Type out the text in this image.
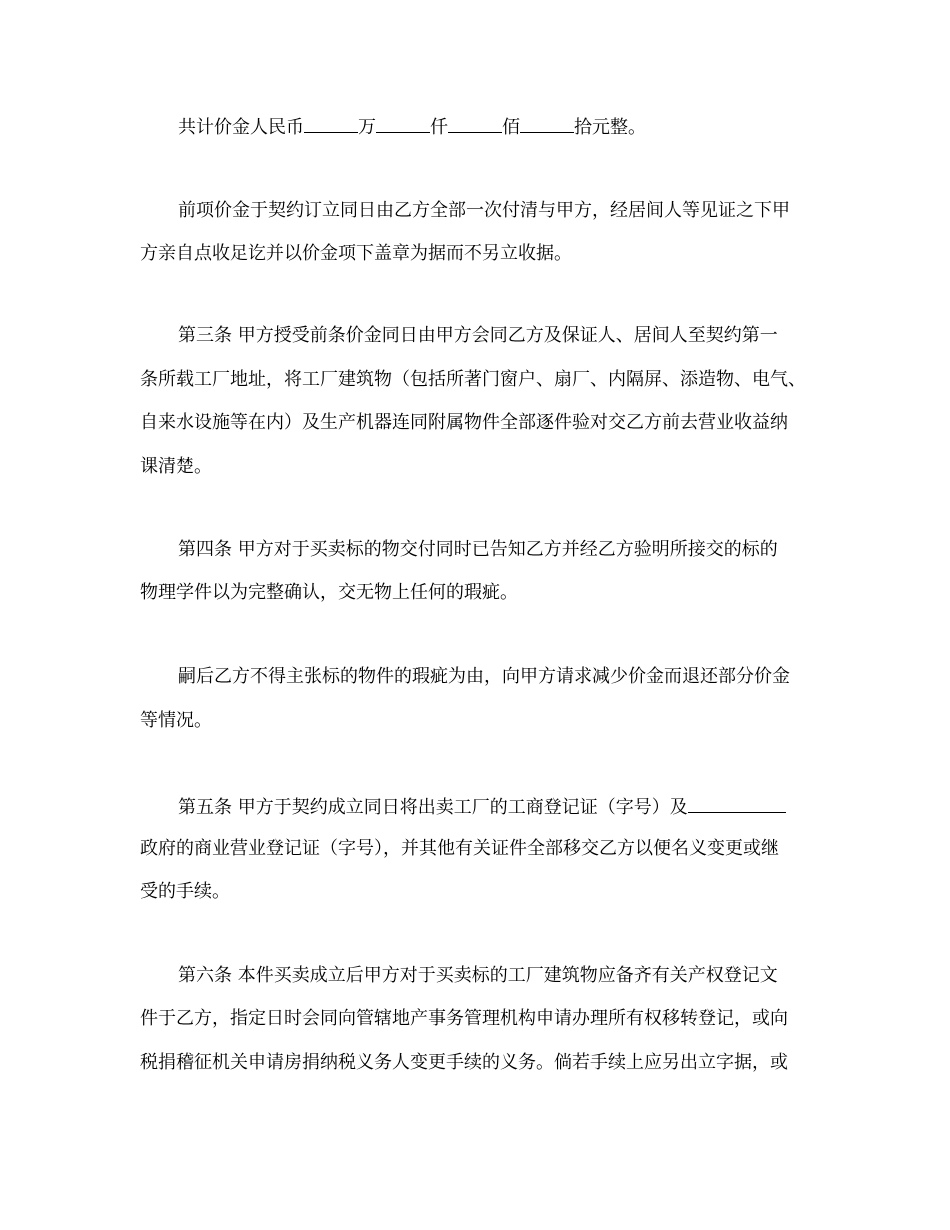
共计价金人民币	万	仟	佰	拾元整。
前项价金于契约订立同日由乙方全部一次付清与甲方，经居间人等见证之下甲
方亲自点收足讫并以价金项下盖章为据而不另立收据。
第三条 甲方授受前条价金同日由甲方会同乙方及保证人、居间人至契约第一
条所载工厂地址，将工厂建筑物（包括所著门窗户、扇厂、内隔屏、添造物、电气、
自来水设施等在内）及生产机器连同附属物件全部逐件验对交乙方前去营业收益纳
课清楚。
第四条 甲方对于买卖标的物交付同时已告知乙方并经乙方验明所接交的标的
物理学件以为完整确认，交无物上任何的瑕疵。
嗣后乙方不得主张标的物件的瑕疵为由，向甲方请求减少价金而退还部分价金
等情况。
第五条 甲方于契约成立同日将出卖工厂的工商登记证（字号）及
政府的商业营业登记证（字号），并其他有关证件全部移交乙方以便名义变更或继
受的手续。
第六条 本件买卖成立后甲方对于买卖标的工厂建筑物应备齐有关产权登记文
件于乙方，指定日时会同向管辖地产事务管理机构申请办理所有权移转登记，或向
税捐稽征机关申请房捐纳税义务人变更手续的义务。倘若手续上应另出立字据，或
